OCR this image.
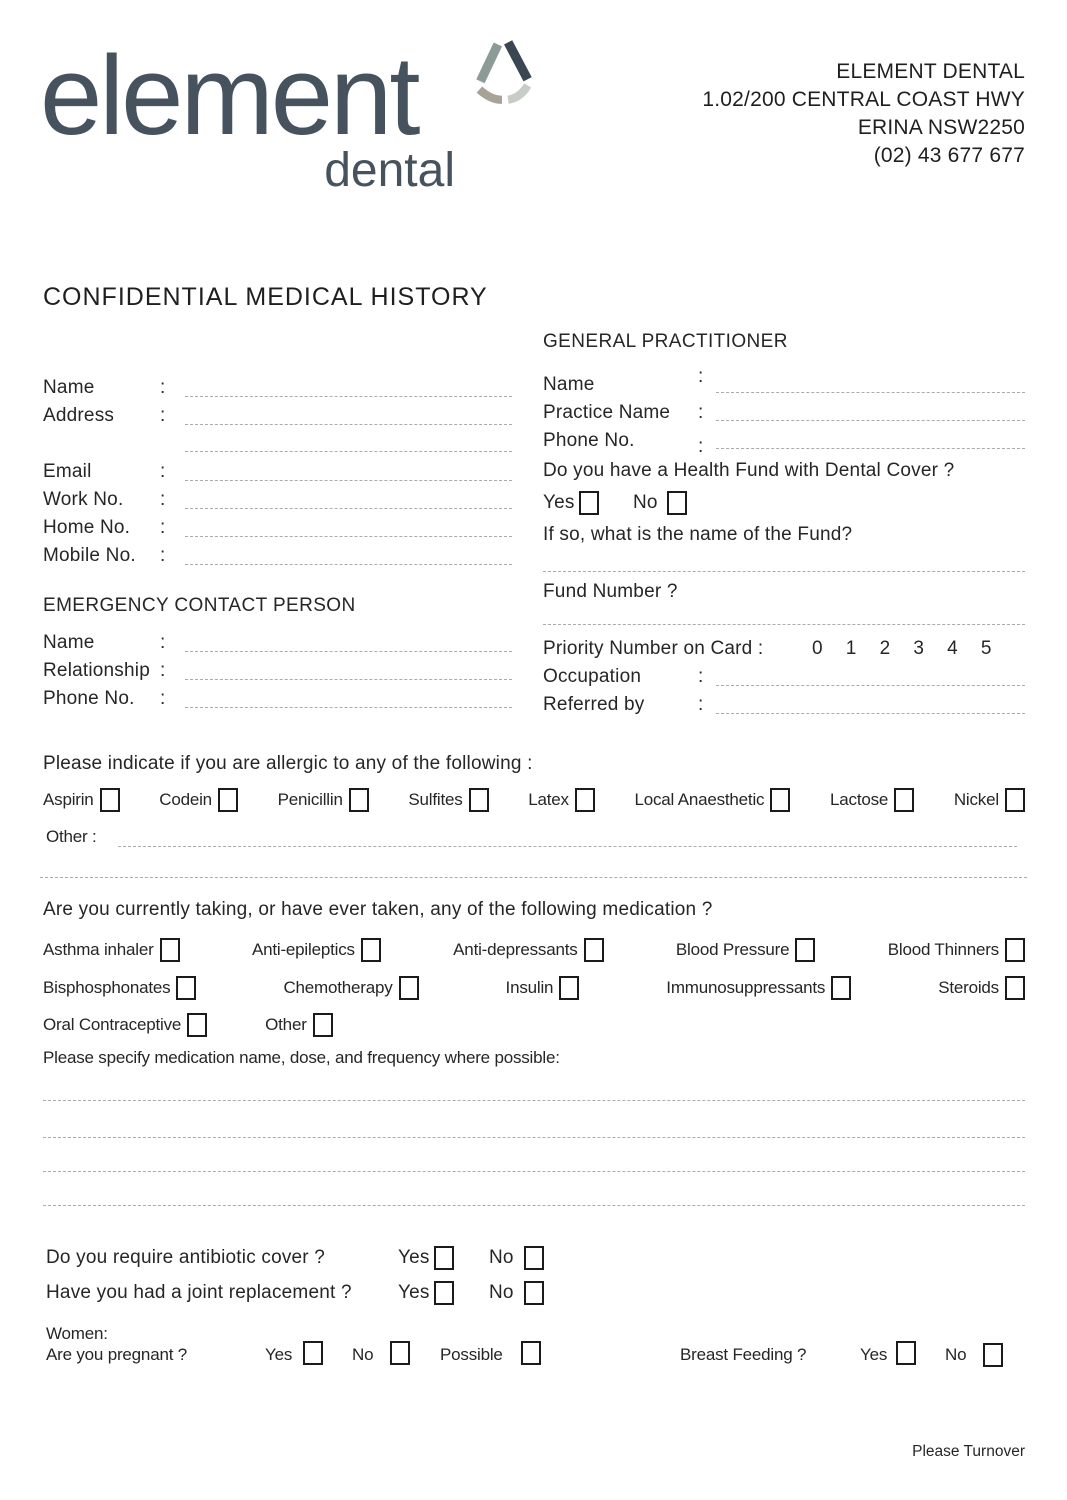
element
dental
ELEMENT DENTAL
1.02/200 CENTRAL COAST HWY
ERINA NSW2250
(02) 43 677 677
CONFIDENTIAL MEDICAL HISTORY
GENERAL PRACTITIONER
Name	:
Address :
Email	:
Work No. :
Home No. :
Mobile No. :
Name	:
Practice Name :
Phone No.	:
Do you have a Health Fund with Dental Cover ?
Yes	No
If so, what is the name of the Fund?
Fund Number ?
Priority Number on Card :	0 1 2 3 4 5
Occupation	:
Referred by	:
EMERGENCY CONTACT PERSON
Name	:
Relationship :
Phone No. :
Please indicate if you are allergic to any of the following :
Aspirin	Codein	Penicillin	Sulfites	Latex	Local Anaesthetic	Lactose	Nickel
Other :
Are you currently taking, or have ever taken, any of the following medication ?
Asthma inhaler	Anti-epileptics	Anti-depressants	Blood Pressure	Blood Thinners
Bisphosphonates	Chemotherapy	Insulin	Immunosuppressants	Steroids
Oral Contraceptive	Other
Please specify medication name, dose, and frequency where possible:
Do you require antibiotic cover ?	Yes	No
Have you had a joint replacement ? Yes	No
Women:
Are you pregnant ?	Yes	No	Possible	Breast Feeding ?	Yes	No
Please Turnover
